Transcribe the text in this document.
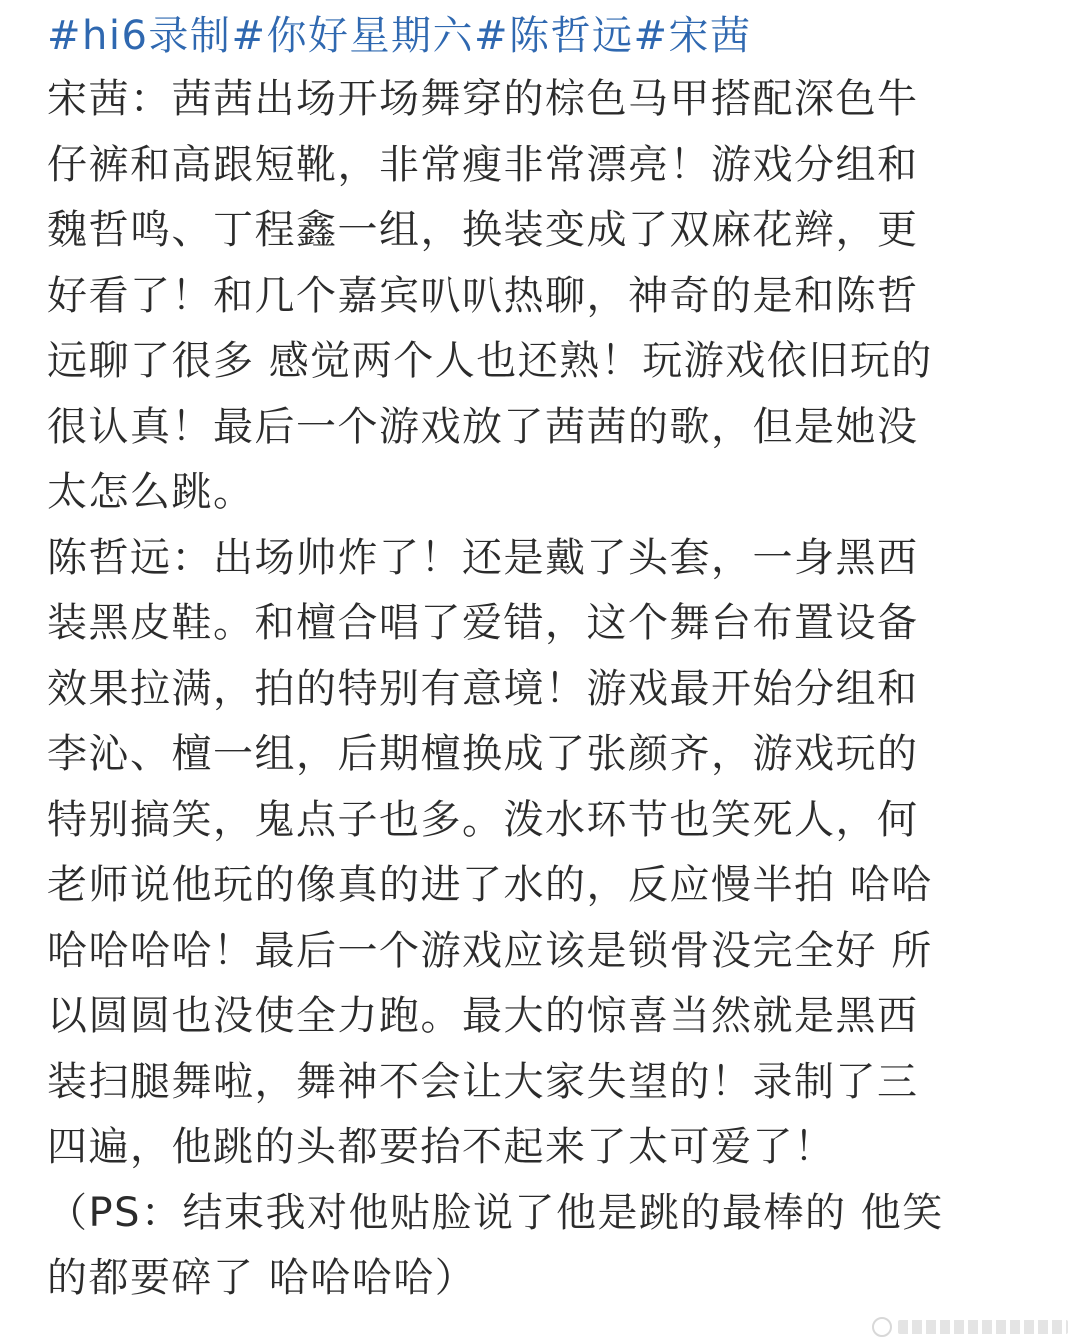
#hi6录制#你好星期六#陈哲远#宋茜
宋茜：茜茜出场开场舞穿的棕色马甲搭配深色牛
仔裤和高跟短靴，非常瘦非常漂亮！游戏分组和
魏哲鸣、丁程鑫一组，换装变成了双麻花辫，更
好看了！和几个嘉宾叭叭热聊，神奇的是和陈哲
远聊了很多 感觉两个人也还熟！玩游戏依旧玩的
很认真！最后一个游戏放了茜茜的歌，但是她没
太怎么跳。
陈哲远：出场帅炸了！还是戴了头套，一身黑西
装黑皮鞋。和檀合唱了爱错，这个舞台布置设备
效果拉满，拍的特别有意境！游戏最开始分组和
李沁、檀一组，后期檀换成了张颜齐，游戏玩的
特别搞笑，鬼点子也多。泼水环节也笑死人，何
老师说他玩的像真的进了水的，反应慢半拍 哈哈
哈哈哈哈！最后一个游戏应该是锁骨没完全好 所
以圆圆也没使全力跑。最大的惊喜当然就是黑西
装扫腿舞啦，舞神不会让大家失望的！录制了三
四遍，他跳的头都要抬不起来了太可爱了！
（PS：结束我对他贴脸说了他是跳的最棒的 他笑
的都要碎了 哈哈哈哈）
